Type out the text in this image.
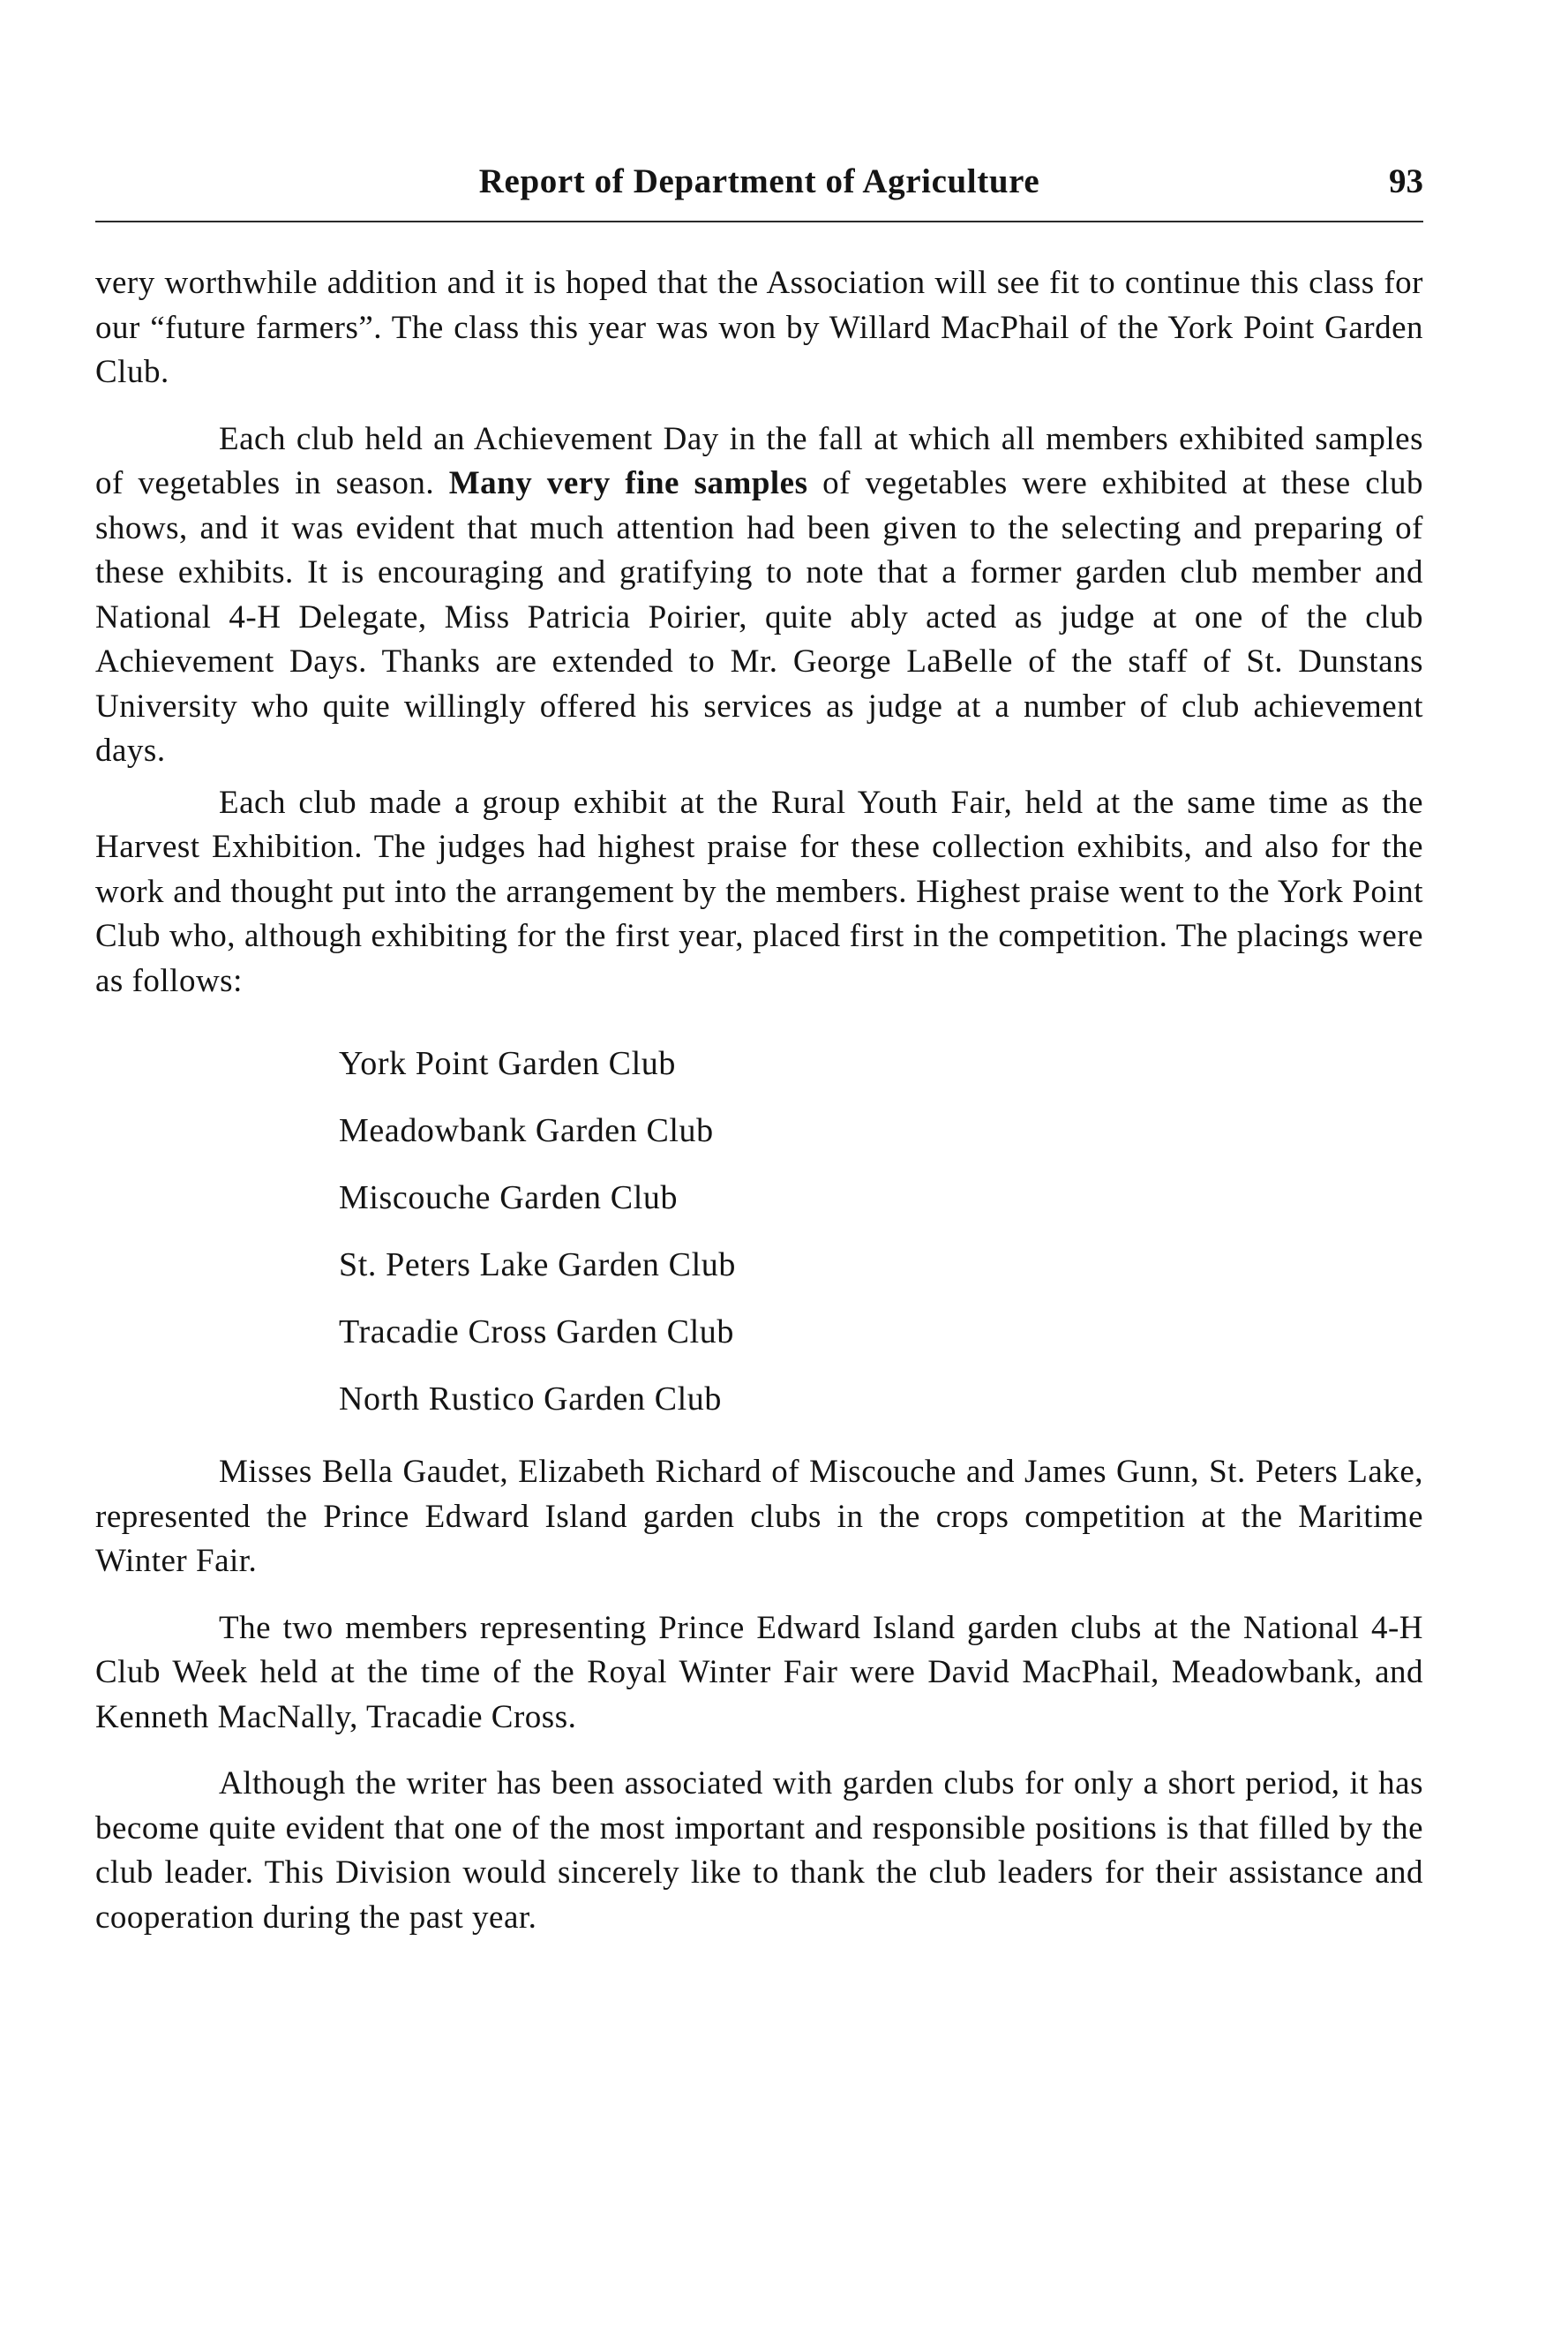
Report of Department of Agriculture	93

very worthwhile addition and it is hoped that the Association will see fit to continue this class for our “future farmers”. The class this year was won by Willard MacPhail of the York Point Garden Club.

Each club held an Achievement Day in the fall at which all members exhibited samples of vegetables in season. Many very fine samples of vegetables were exhibited at these club shows, and it was evident that much attention had been given to the selecting and preparing of these exhibits. It is encouraging and gratifying to note that a former garden club member and National 4-H Delegate, Miss Patricia Poirier, quite ably acted as judge at one of the club Achievement Days. Thanks are extended to Mr. George LaBelle of the staff of St. Dunstans University who quite willingly offered his services as judge at a number of club achievement days.

Each club made a group exhibit at the Rural Youth Fair, held at the same time as the Harvest Exhibition. The judges had highest praise for these collection exhibits, and also for the work and thought put into the arrangement by the members. Highest praise went to the York Point Club who, although exhibiting for the first year, placed first in the competition. The placings were as follows:

York Point Garden Club
Meadowbank Garden Club
Miscouche Garden Club
St. Peters Lake Garden Club
Tracadie Cross Garden Club
North Rustico Garden Club

Misses Bella Gaudet, Elizabeth Richard of Miscouche and James Gunn, St. Peters Lake, represented the Prince Edward Island garden clubs in the crops competition at the Maritime Winter Fair.

The two members representing Prince Edward Island garden clubs at the National 4-H Club Week held at the time of the Royal Winter Fair were David MacPhail, Meadowbank, and Kenneth MacNally, Tracadie Cross.

Although the writer has been associated with garden clubs for only a short period, it has become quite evident that one of the most important and responsible positions is that filled by the club leader. This Division would sincerely like to thank the club leaders for their assistance and cooperation during the past year.
